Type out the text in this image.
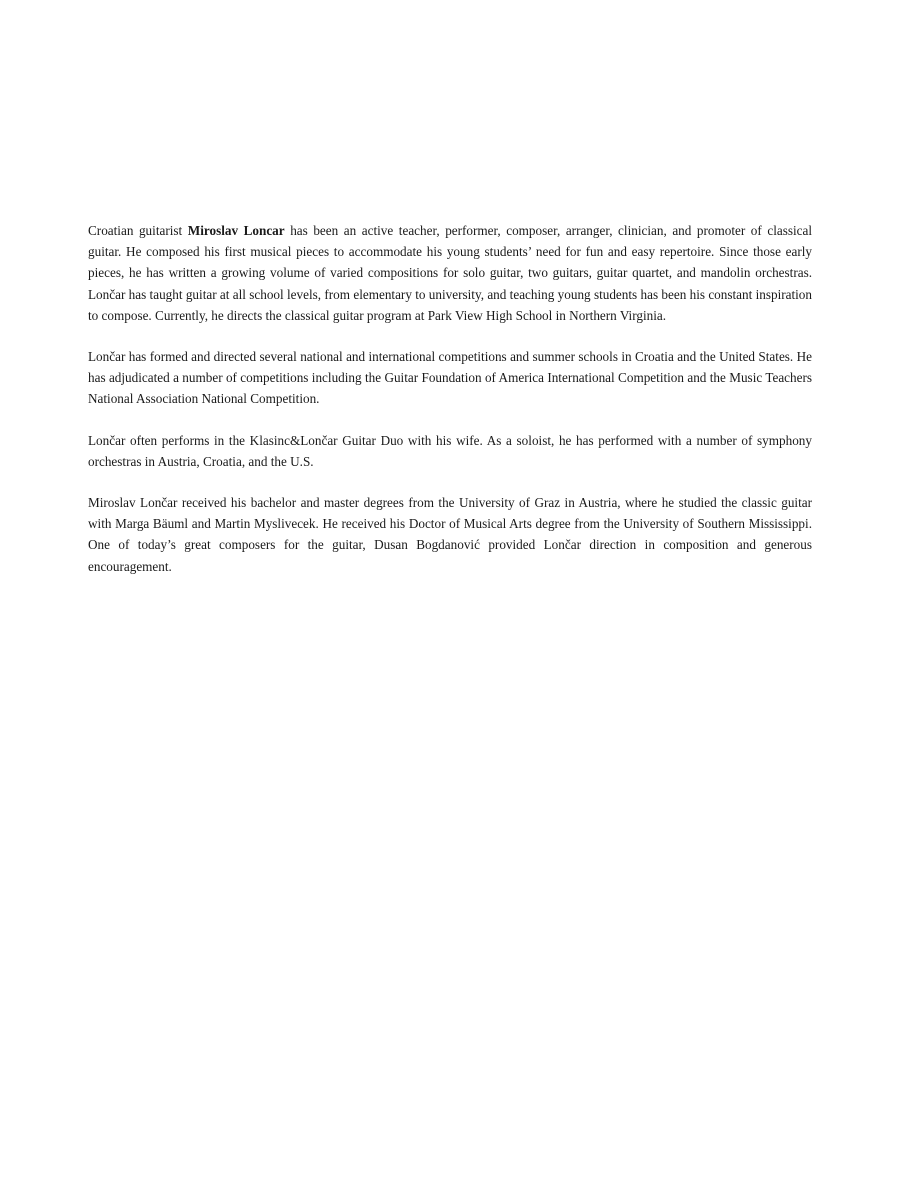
Croatian guitarist Miroslav Loncar has been an active teacher, performer, composer, arranger, clinician, and promoter of classical guitar. He composed his first musical pieces to accommodate his young students’ need for fun and easy repertoire. Since those early pieces, he has written a growing volume of varied compositions for solo guitar, two guitars, guitar quartet, and mandolin orchestras. Lončar has taught guitar at all school levels, from elementary to university, and teaching young students has been his constant inspiration to compose. Currently, he directs the classical guitar program at Park View High School in Northern Virginia.

Lončar has formed and directed several national and international competitions and summer schools in Croatia and the United States. He has adjudicated a number of competitions including the Guitar Foundation of America International Competition and the Music Teachers National Association National Competition.

Lončar often performs in the Klasinc&Lončar Guitar Duo with his wife. As a soloist, he has performed with a number of symphony orchestras in Austria, Croatia, and the U.S.

Miroslav Lončar received his bachelor and master degrees from the University of Graz in Austria, where he studied the classic guitar with Marga Bäuml and Martin Myslivecek. He received his Doctor of Musical Arts degree from the University of Southern Mississippi. One of today’s great composers for the guitar, Dusan Bogdanović provided Lončar direction in composition and generous encouragement.
